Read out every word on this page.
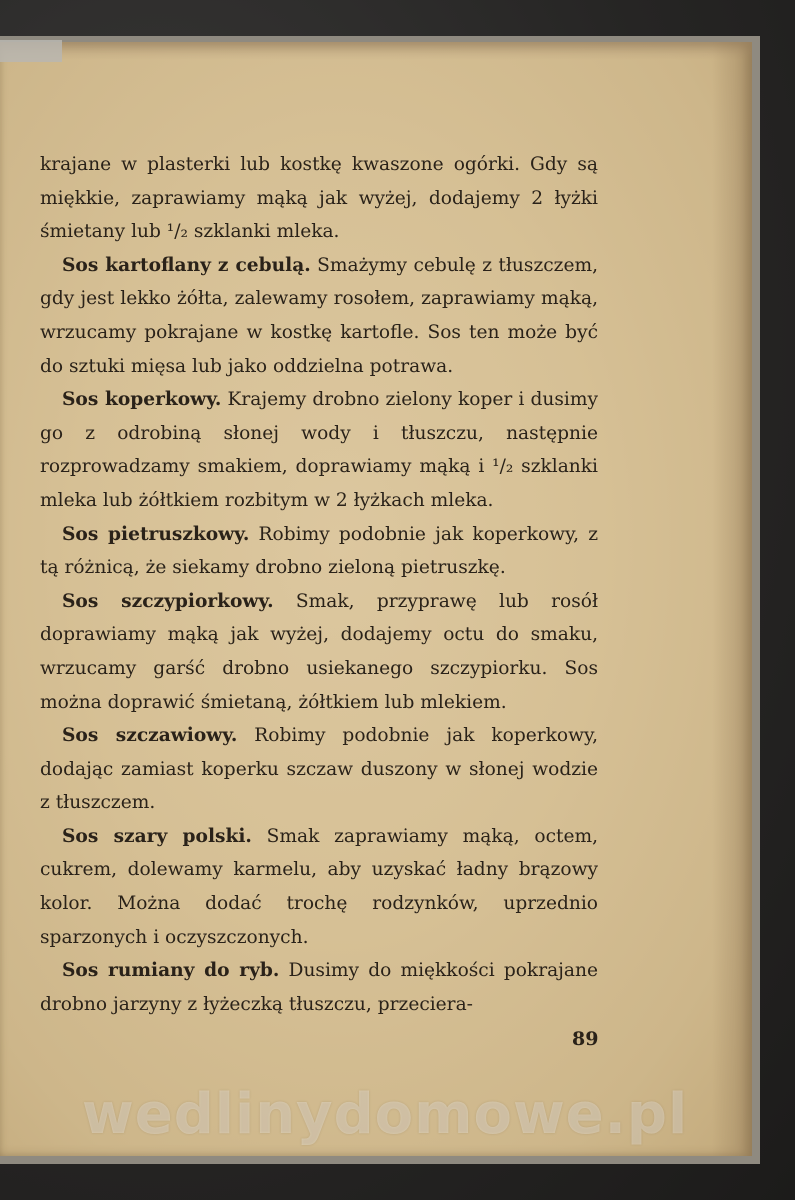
krajane w plasterki lub kostkę kwaszone ogórki. Gdy są miękkie, zaprawiamy mąką jak wyżej, dodajemy 2 łyżki śmietany lub ¹/₂ szklanki mleka.

Sos kartoflany z cebulą. Smażymy cebulę z tłuszczem, gdy jest lekko żółta, zalewamy rosołem, zaprawiamy mąką, wrzucamy pokrajane w kostkę kartofle. Sos ten może być do sztuki mięsa lub jako oddzielna potrawa.

Sos koperkowy. Krajemy drobno zielony koper i dusimy go z odrobiną słonej wody i tłuszczu, następnie rozprowadzamy smakiem, doprawiamy mąką i ¹/₂ szklanki mleka lub żółtkiem rozbitym w 2 łyżkach mleka.

Sos pietruszkowy. Robimy podobnie jak koperkowy, z tą różnicą, że siekamy drobno zieloną pietruszkę.

Sos szczypiorkowy. Smak, przyprawę lub rosół doprawiamy mąką jak wyżej, dodajemy octu do smaku, wrzucamy garść drobno usiekanego szczypiorku. Sos można doprawić śmietaną, żółtkiem lub mlekiem.

Sos szczawiowy. Robimy podobnie jak koperkowy, dodając zamiast koperku szczaw duszony w słonej wodzie z tłuszczem.

Sos szary polski. Smak zaprawiamy mąką, octem, cukrem, dolewamy karmelu, aby uzyskać ładny brązowy kolor. Można dodać trochę rodzynków, uprzednio sparzonych i oczyszczonych.

Sos rumiany do ryb. Dusimy do miękkości pokrajane drobno jarzyny z łyżeczką tłuszczu, przeciera-

89
wedlinydomowe.pl
